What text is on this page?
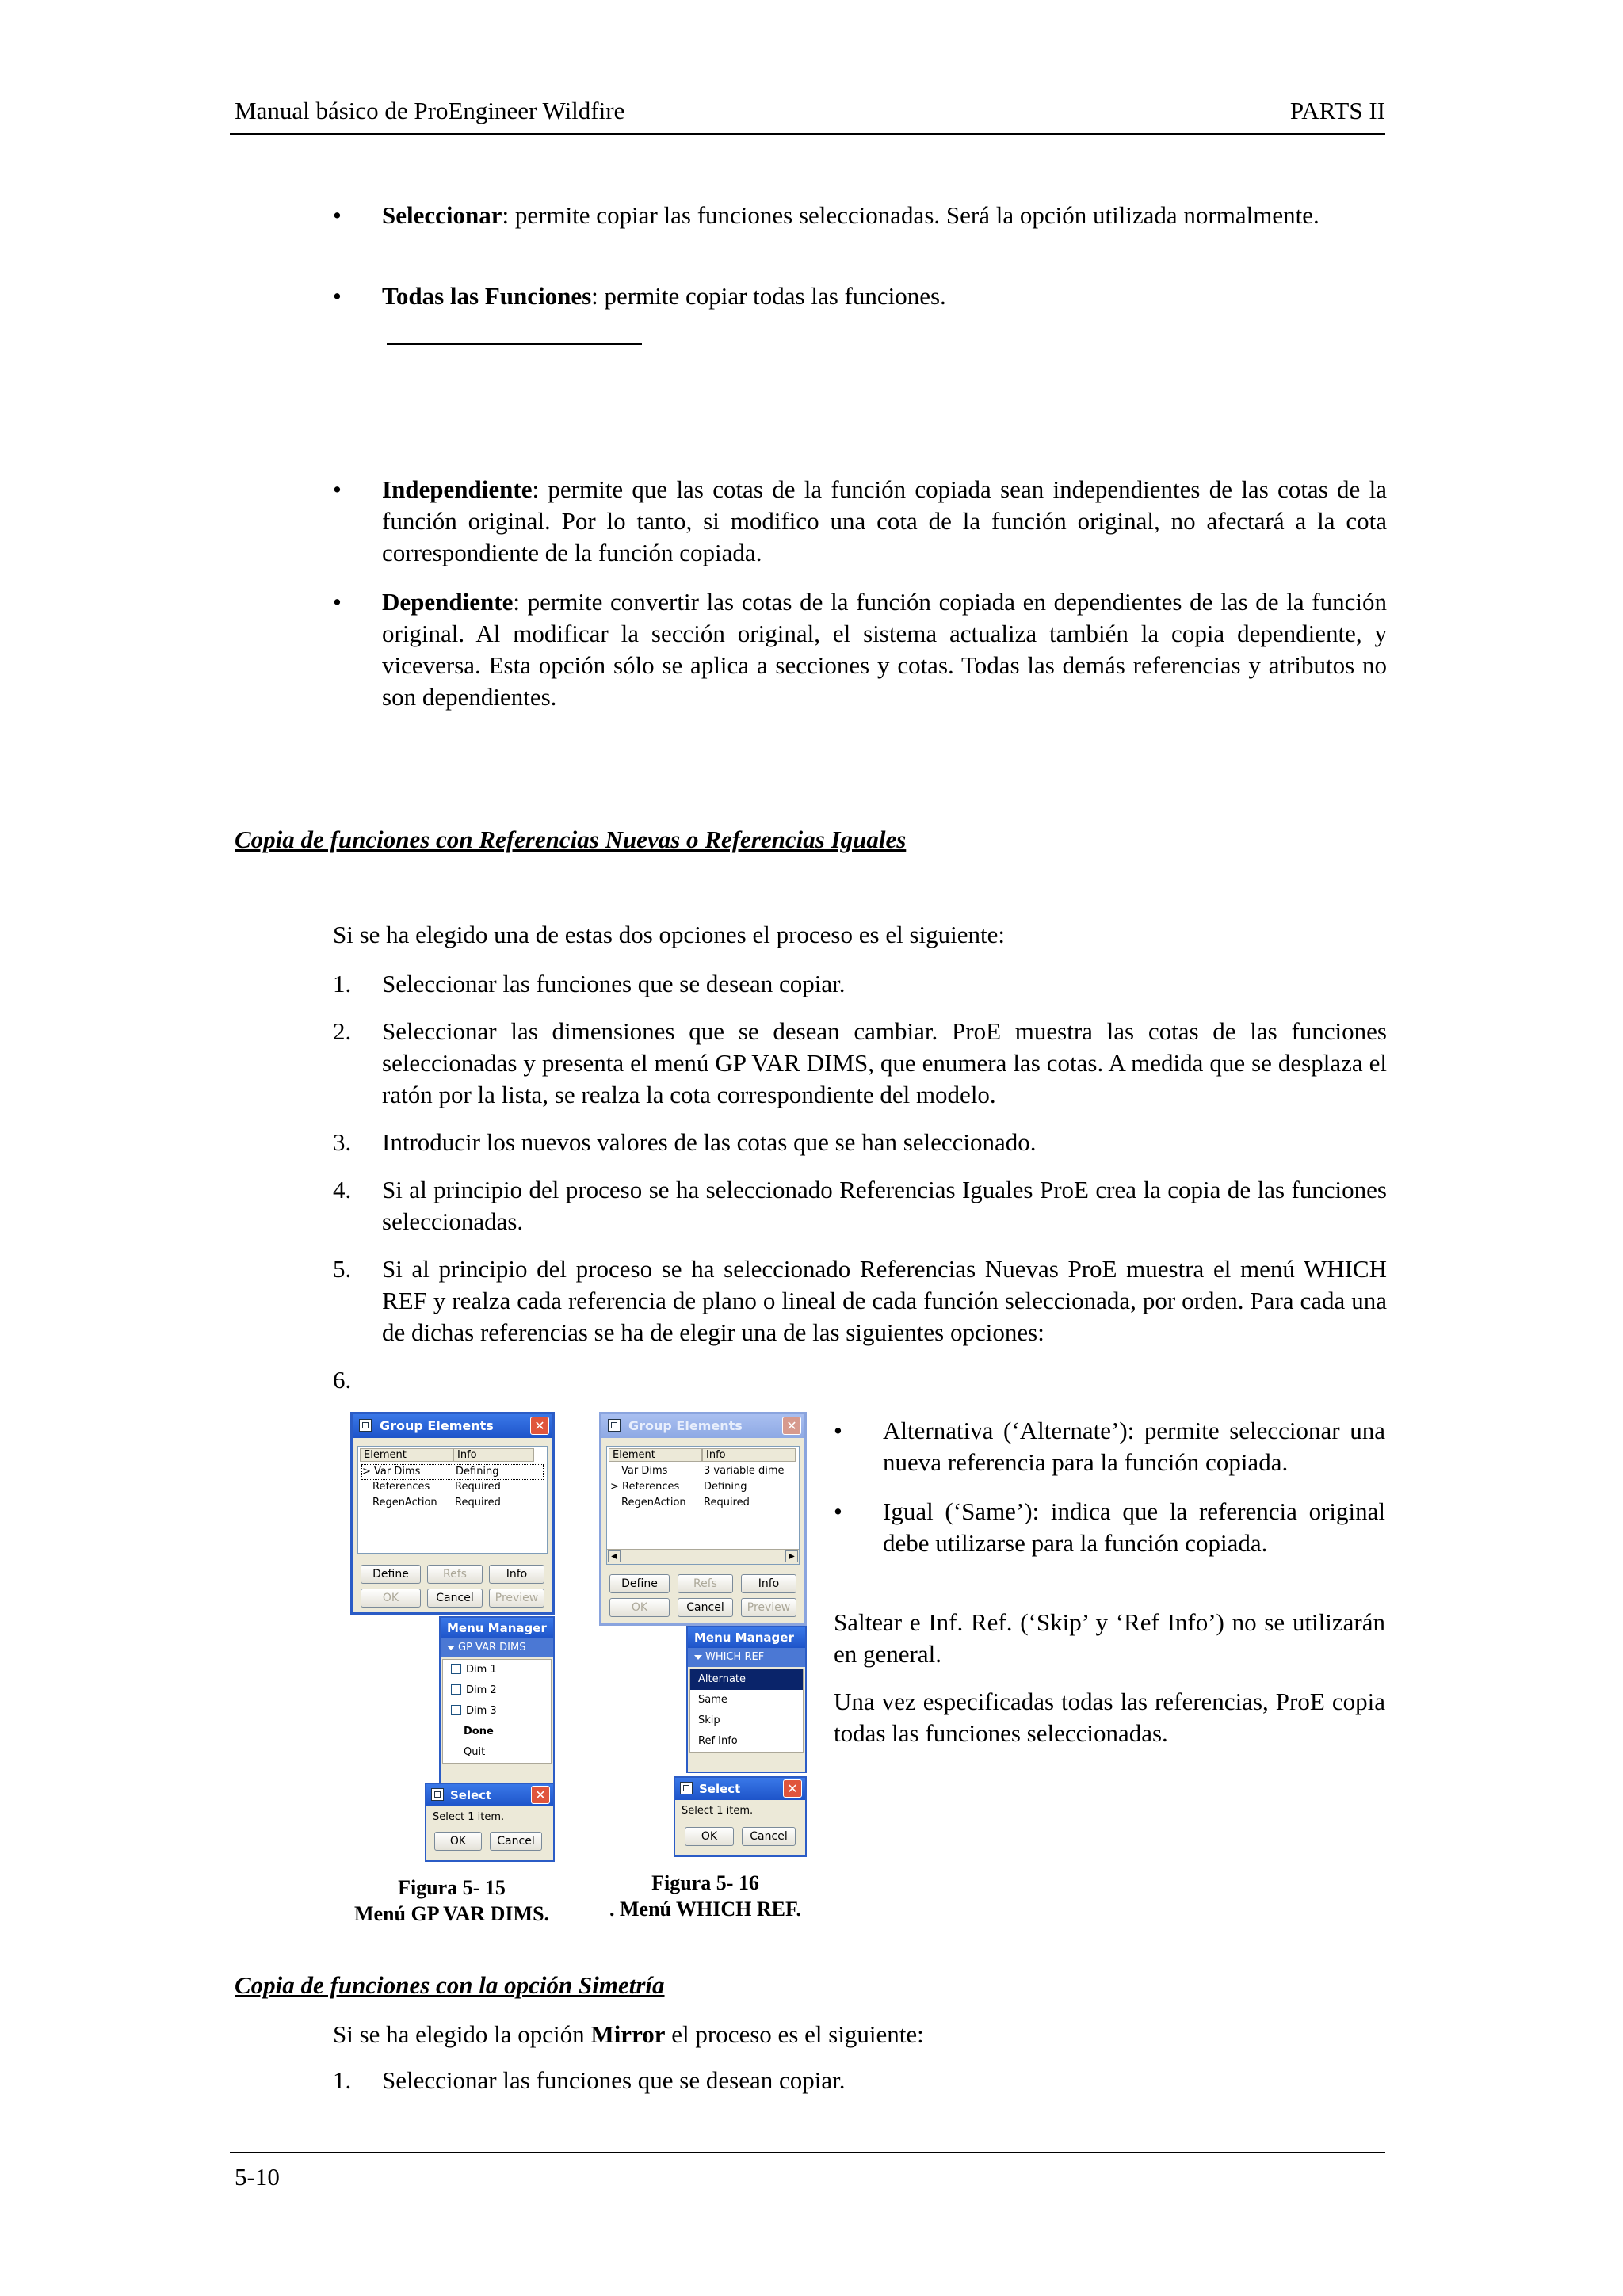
Manual básico de ProEngineer Wildfire	PARTS II
• Seleccionar: permite copiar las funciones seleccionadas. Será la opción utilizada normalmente.
• Todas las Funciones: permite copiar todas las funciones.
• Independiente: permite que las cotas de la función copiada sean independientes de las cotas de la función original. Por lo tanto, si modifico una cota de la función original, no afectará a la cota correspondiente de la función copiada.
• Dependiente: permite convertir las cotas de la función copiada en dependientes de las de la función original. Al modificar la sección original, el sistema actualiza también la copia dependiente, y viceversa. Esta opción sólo se aplica a secciones y cotas. Todas las demás referencias y atributos no son dependientes.
Copia de funciones con Referencias Nuevas o Referencias Iguales
Si se ha elegido una de estas dos opciones el proceso es el siguiente:
1. Seleccionar las funciones que se desean copiar.
2. Seleccionar las dimensiones que se desean cambiar. ProE muestra las cotas de las funciones seleccionadas y presenta el menú GP VAR DIMS, que enumera las cotas. A medida que se desplaza el ratón por la lista, se realza la cota correspondiente del modelo.
3. Introducir los nuevos valores de las cotas que se han seleccionado.
4. Si al principio del proceso se ha seleccionado Referencias Iguales ProE crea la copia de las funciones seleccionadas.
5. Si al principio del proceso se ha seleccionado Referencias Nuevas ProE muestra el menú WHICH REF y realza cada referencia de plano o lineal de cada función seleccionada, por orden. Para cada una de dichas referencias se ha de elegir una de las siguientes opciones:
6.
Group Elements	✕
Element	Info
> Var Dims	Defining
References Required
RegenAction Required
Define	Refs	Info
OK	Cancel	Preview
Menu Manager
GP VAR DIMS
Dim 1
Dim 2
Dim 3
Done
Quit
Select	✕
Select 1 item.
OK	Cancel
Figura 5- 15
Menú GP VAR DIMS.
Group Elements	✕
Element	Info
Var Dims	3 variable dime
> References Defining
RegenAction Required
◀	▶
Define	Refs	Info
OK	Cancel	Preview
Menu Manager
WHICH REF
Alternate
Same
Skip
Ref Info
Select	✕
Select 1 item.
OK	Cancel
Figura 5- 16
. Menú WHICH REF.
• Alternativa (‘Alternate’): permite seleccionar una nueva referencia para la función copiada.
• Igual (‘Same’): indica que la referencia original debe utilizarse para la función copiada.
Saltear e Inf. Ref. (‘Skip’ y ‘Ref Info’) no se utilizarán en general.
Una vez especificadas todas las referencias, ProE copia todas las funciones seleccionadas.
Copia de funciones con la opción Simetría
Si se ha elegido la opción Mirror el proceso es el siguiente:
1. Seleccionar las funciones que se desean copiar.
5-10
